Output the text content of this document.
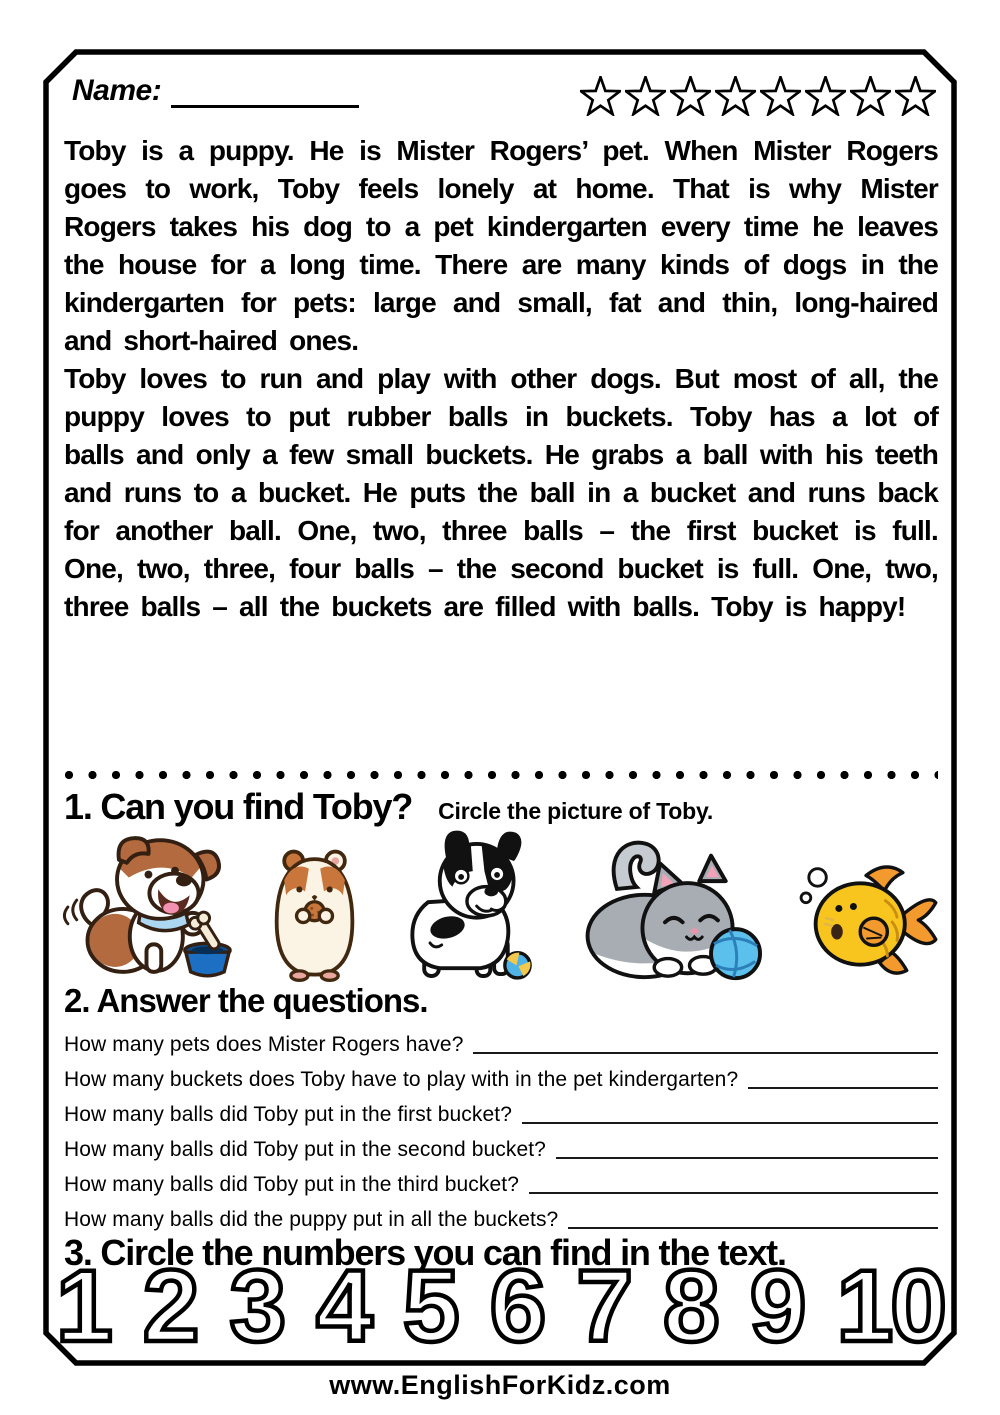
Name:
Toby is a puppy. He is Mister Rogers’ pet. When Mister Rogers goes to work, Toby feels lonely at home. That is why Mister Rogers takes his dog to a pet kindergarten every time he leaves the house for a long time. There are many kinds of dogs in the kindergarten for pets: large and small, fat and thin, long-haired and short-haired ones.
Toby loves to run and play with other dogs. But most of all, the puppy loves to put rubber balls in buckets. Toby has a lot of balls and only a few small buckets. He grabs a ball with his teeth and runs to a bucket. He puts the ball in a bucket and runs back for another ball. One, two, three balls – the first bucket is full. One, two, three, four balls – the second bucket is full. One, two, three balls – all the buckets are filled with balls. Toby is happy!
1. Can you find Toby? Circle the picture of Toby.
2. Answer the questions.
How many pets does Mister Rogers have?
How many buckets does Toby have to play with in the pet kindergarten?
How many balls did Toby put in the first bucket?
How many balls did Toby put in the second bucket?
How many balls did Toby put in the third bucket?
How many balls did the puppy put in all the buckets?
3. Circle the numbers you can find in the text.
1 2 3 4 5 6 7 8 9 10
www.EnglishForKidz.com
